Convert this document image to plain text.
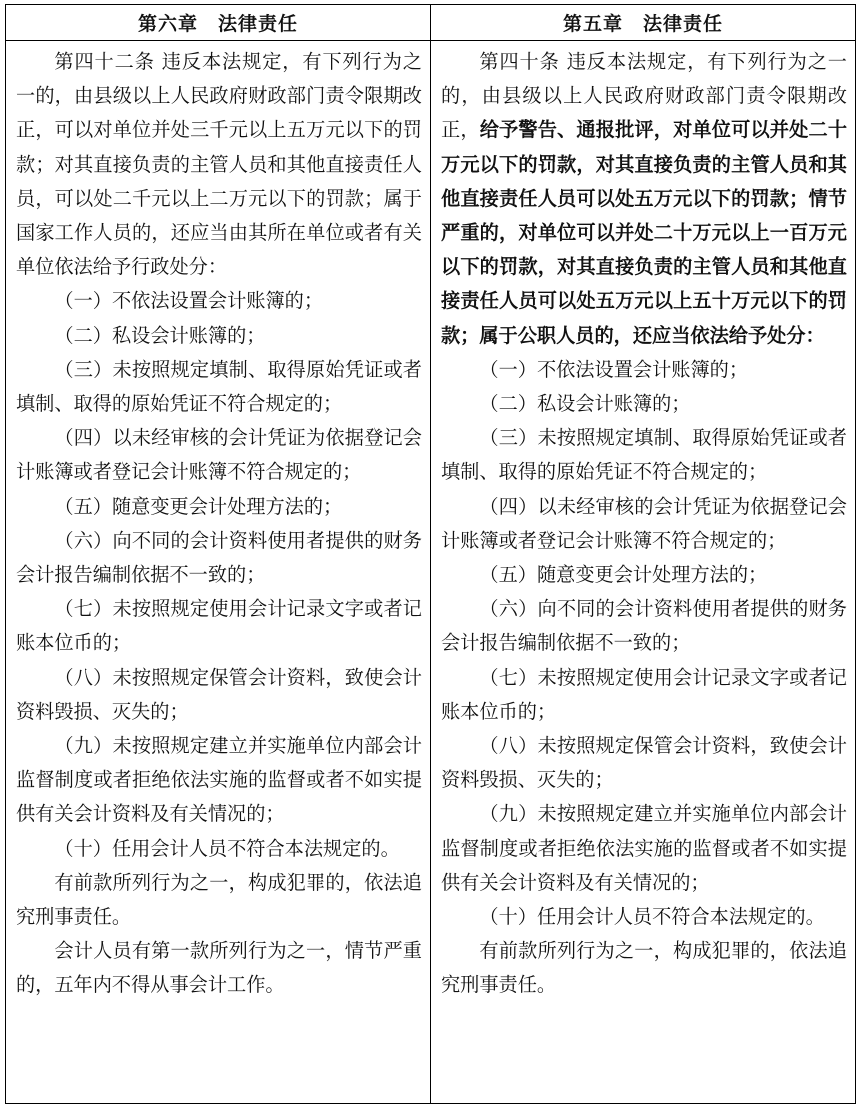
第六章　法律责任	第五章　法律责任

第四十二条 违反本法规定，有下列行为之一的，由县级以上人民政府财政部门责令限期改正，可以对单位并处三千元以上五万元以下的罚款；对其直接负责的主管人员和其他直接责任人员，可以处二千元以上二万元以下的罚款；属于国家工作人员的，还应当由其所在单位或者有关单位依法给予行政处分：

（一）不依法设置会计账簿的；

（二）私设会计账簿的；

（三）未按照规定填制、取得原始凭证或者填制、取得的原始凭证不符合规定的；

（四）以未经审核的会计凭证为依据登记会计账簿或者登记会计账簿不符合规定的；

（五）随意变更会计处理方法的；

（六）向不同的会计资料使用者提供的财务会计报告编制依据不一致的；

（七）未按照规定使用会计记录文字或者记账本位币的；

（八）未按照规定保管会计资料，致使会计资料毁损、灭失的；

（九）未按照规定建立并实施单位内部会计监督制度或者拒绝依法实施的监督或者不如实提供有关会计资料及有关情况的；

（十）任用会计人员不符合本法规定的。

有前款所列行为之一，构成犯罪的，依法追究刑事责任。

会计人员有第一款所列行为之一，情节严重的，五年内不得从事会计工作。

第四十条 违反本法规定，有下列行为之一的，由县级以上人民政府财政部门责令限期改正，给予警告、通报批评，对单位可以并处二十万元以下的罚款，对其直接负责的主管人员和其他直接责任人员可以处五万元以下的罚款；情节严重的，对单位可以并处二十万元以上一百万元以下的罚款，对其直接负责的主管人员和其他直接责任人员可以处五万元以上五十万元以下的罚款；属于公职人员的，还应当依法给予处分：

（一）不依法设置会计账簿的；

（二）私设会计账簿的；

（三）未按照规定填制、取得原始凭证或者填制、取得的原始凭证不符合规定的；

（四）以未经审核的会计凭证为依据登记会计账簿或者登记会计账簿不符合规定的；

（五）随意变更会计处理方法的；

（六）向不同的会计资料使用者提供的财务会计报告编制依据不一致的；

（七）未按照规定使用会计记录文字或者记账本位币的；

（八）未按照规定保管会计资料，致使会计资料毁损、灭失的；

（九）未按照规定建立并实施单位内部会计监督制度或者拒绝依法实施的监督或者不如实提供有关会计资料及有关情况的；

（十）任用会计人员不符合本法规定的。

有前款所列行为之一，构成犯罪的，依法追究刑事责任。
